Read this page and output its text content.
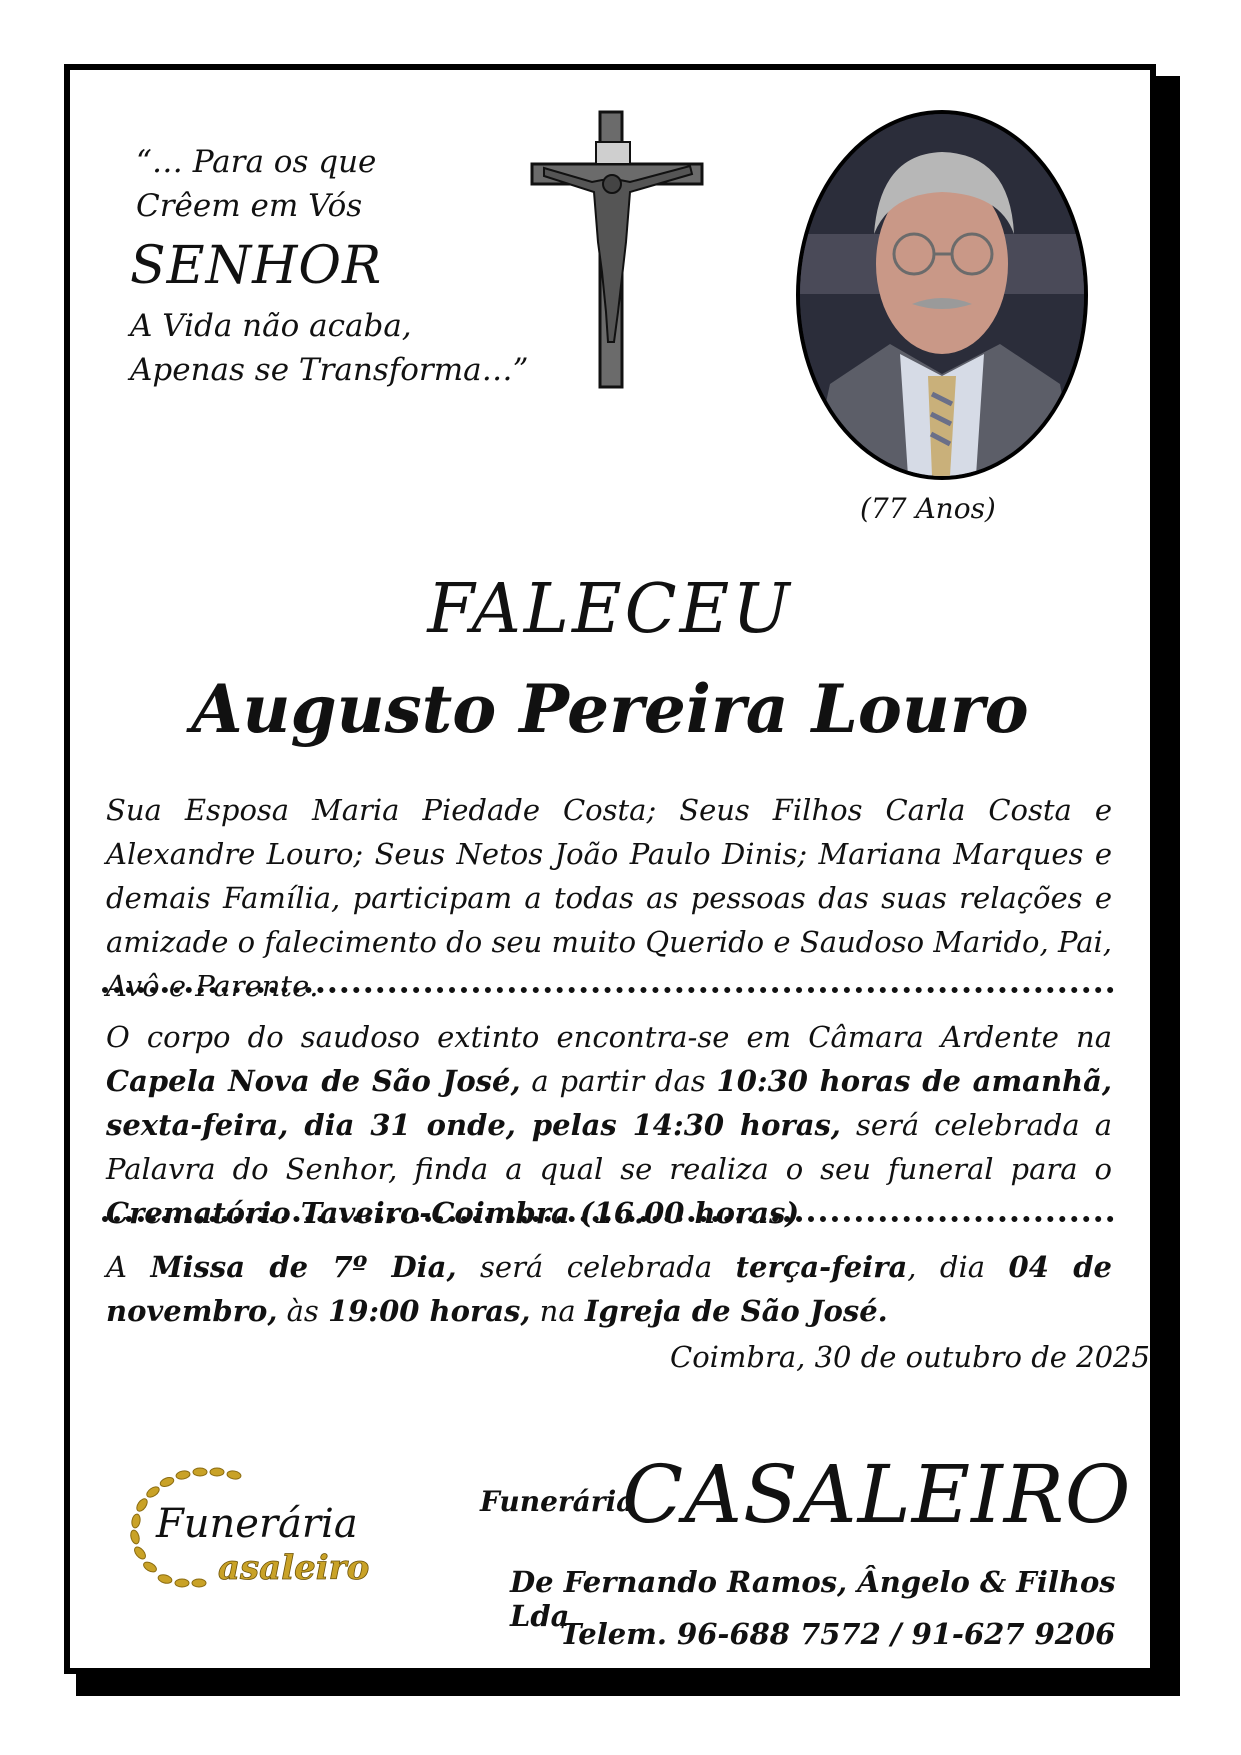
“… Para os que
Crêem em Vós
SENHOR
A Vida não acaba,
Apenas se Transforma…”
(77 Anos)
FALECEU
Augusto Pereira Louro
Sua Esposa Maria Piedade Costa; Seus Filhos Carla Costa e Alexandre Louro; Seus Netos João Paulo Dinis; Mariana Marques e demais Família, participam a todas as pessoas das suas relações e amizade o falecimento do seu muito Querido e Saudoso Marido, Pai, Avô e Parente.
O corpo do saudoso extinto encontra-se em Câmara Ardente na Capela Nova de São José, a partir das 10:30 horas de amanhã, sexta-feira, dia 31 onde, pelas 14:30 horas, será celebrada a Palavra do Senhor, finda a qual se realiza o seu funeral para o Crematório Taveiro-Coimbra (16.00 horas)
A Missa de 7º Dia, será celebrada terça-feira, dia 04 de novembro, às 19:00 horas, na Igreja de São José.
Coimbra, 30 de outubro de 2025
Funerária
asaleiro
Funerária
CASALEIRO
De Fernando Ramos, Ângelo & Filhos Lda
Telem. 96-688 7572 / 91-627 9206
